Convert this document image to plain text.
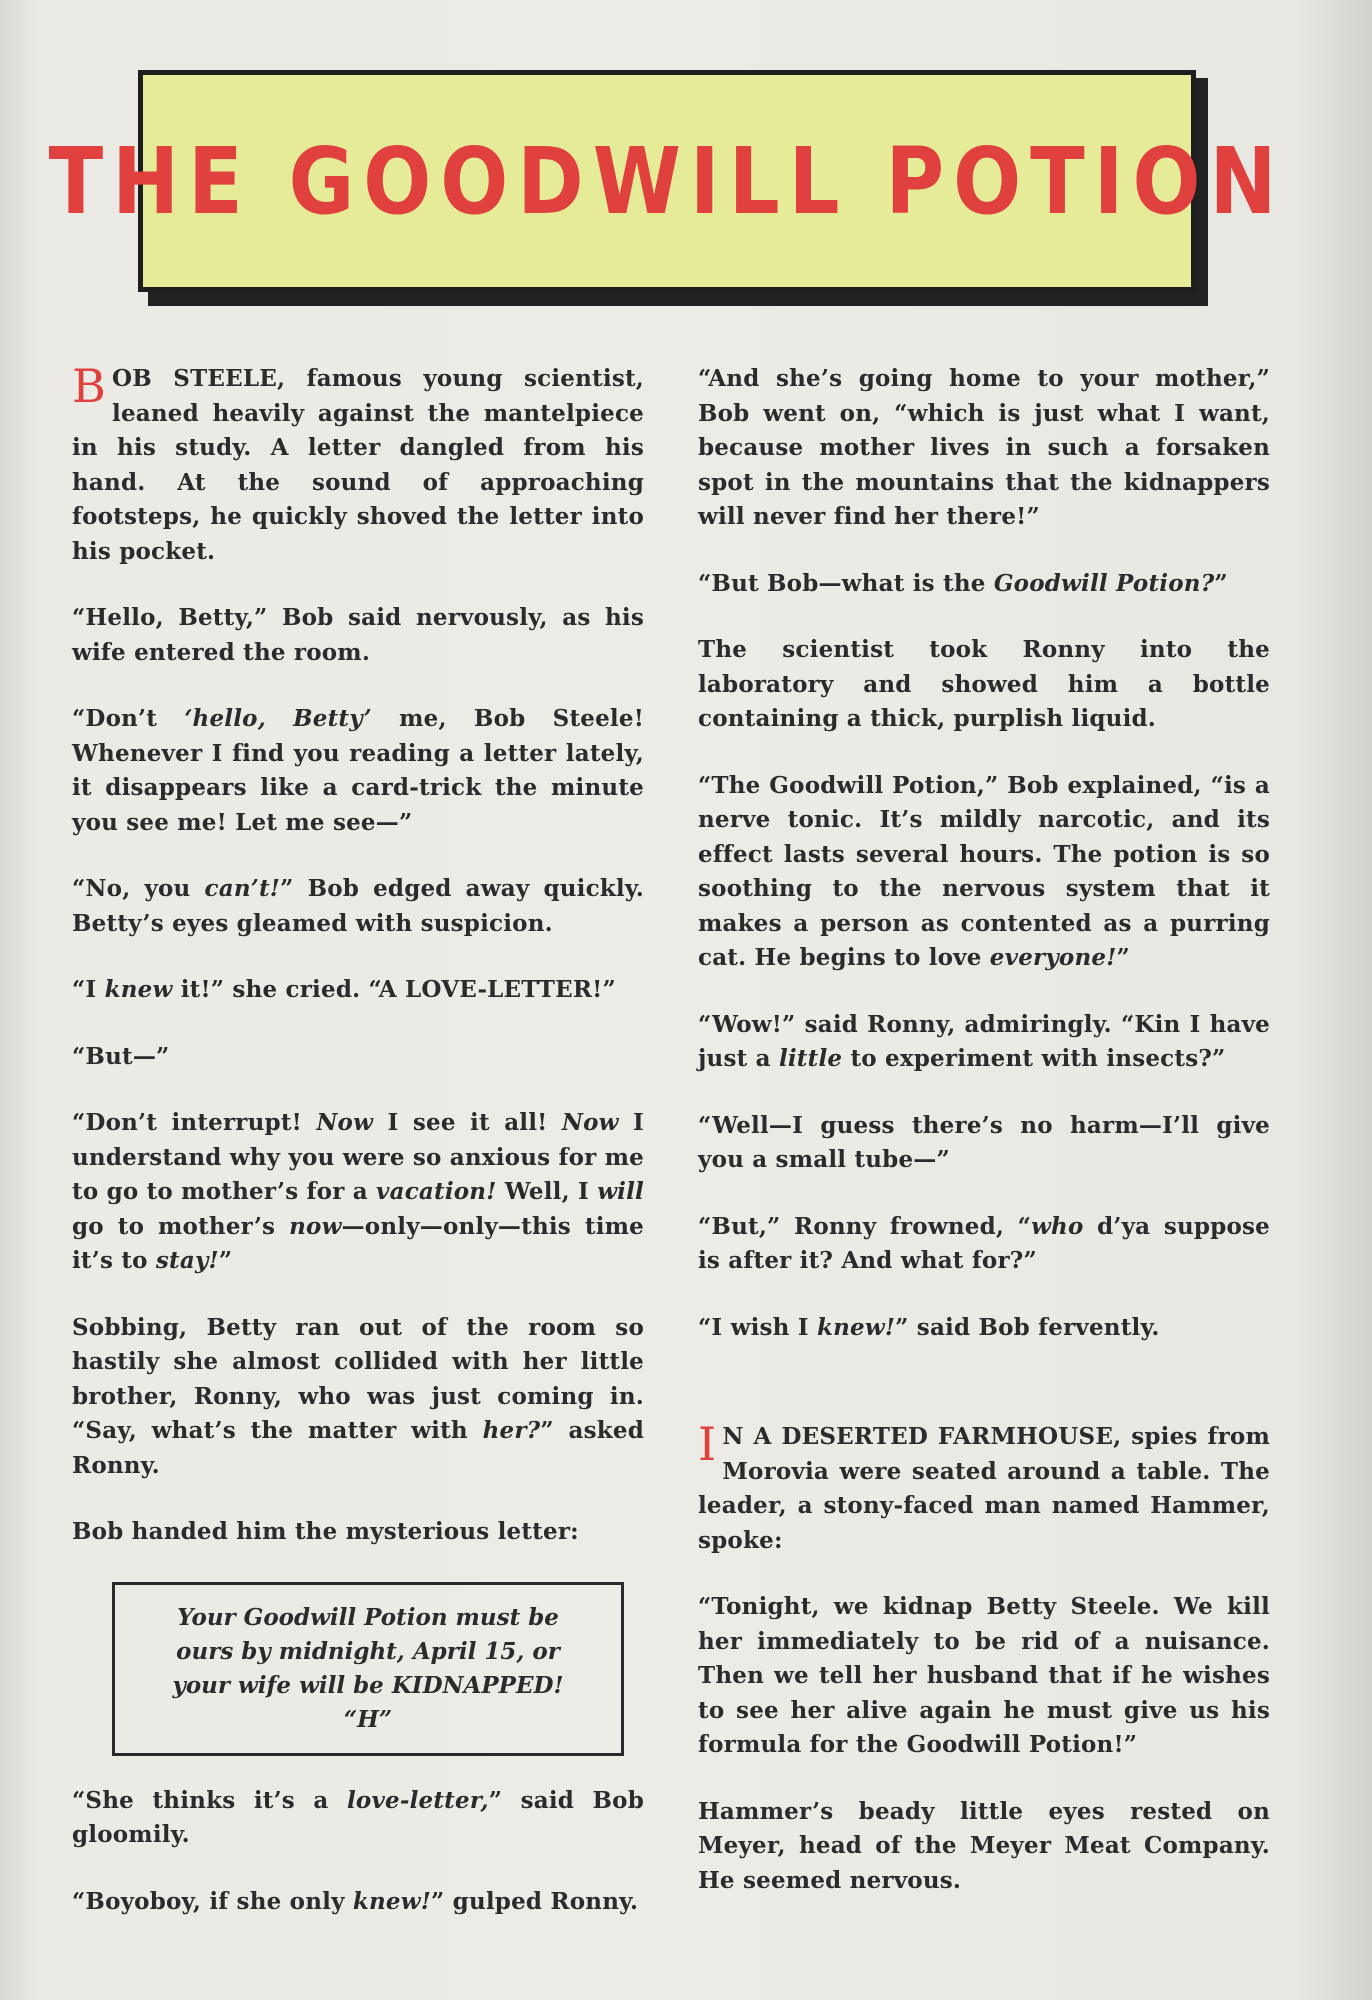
THE GOODWILL POTION

BOB STEELE, famous young scientist, leaned heavily against the mantelpiece in his study. A letter dangled from his hand. At the sound of approaching footsteps, he quickly shoved the letter into his pocket.

“Hello, Betty,” Bob said nervously, as his wife entered the room.

“Don’t ‘hello, Betty’ me, Bob Steele! Whenever I find you reading a letter lately, it disappears like a card-trick the minute you see me! Let me see—”

“No, you can’t!” Bob edged away quickly. Betty’s eyes gleamed with suspicion.

“I knew it!” she cried. “A LOVE-LETTER!”

“But—”

“Don’t interrupt! Now I see it all! Now I understand why you were so anxious for me to go to mother’s for a vacation! Well, I will go to mother’s now—only—only—this time it’s to stay!”

Sobbing, Betty ran out of the room so hastily she almost collided with her little brother, Ronny, who was just coming in. “Say, what’s the matter with her?” asked Ronny.

Bob handed him the mysterious letter:

Your Goodwill Potion must be
ours by midnight, April 15, or
your wife will be KIDNAPPED!
“H”

“She thinks it’s a love-letter,” said Bob gloomily.

“Boyoboy, if she only knew!” gulped Ronny.

“And she’s going home to your mother,” Bob went on, “which is just what I want, because mother lives in such a forsaken spot in the mountains that the kidnappers will never find her there!”

“But Bob—what is the Goodwill Potion?”

The scientist took Ronny into the laboratory and showed him a bottle containing a thick, purplish liquid.

“The Goodwill Potion,” Bob explained, “is a nerve tonic. It’s mildly narcotic, and its effect lasts several hours. The potion is so soothing to the nervous system that it makes a person as contented as a purring cat. He begins to love everyone!”

“Wow!” said Ronny, admiringly. “Kin I have just a little to experiment with insects?”

“Well—I guess there’s no harm—I’ll give you a small tube—”

“But,” Ronny frowned, “who d’ya suppose is after it? And what for?”

“I wish I knew!” said Bob fervently.

I N A DESERTED FARMHOUSE, spies from Morovia were seated around a table. The leader, a stony-faced man named Hammer, spoke:

“Tonight, we kidnap Betty Steele. We kill her immediately to be rid of a nuisance. Then we tell her husband that if he wishes to see her alive again he must give us his formula for the Goodwill Potion!”

Hammer’s beady little eyes rested on Meyer, head of the Meyer Meat Company. He seemed nervous.
